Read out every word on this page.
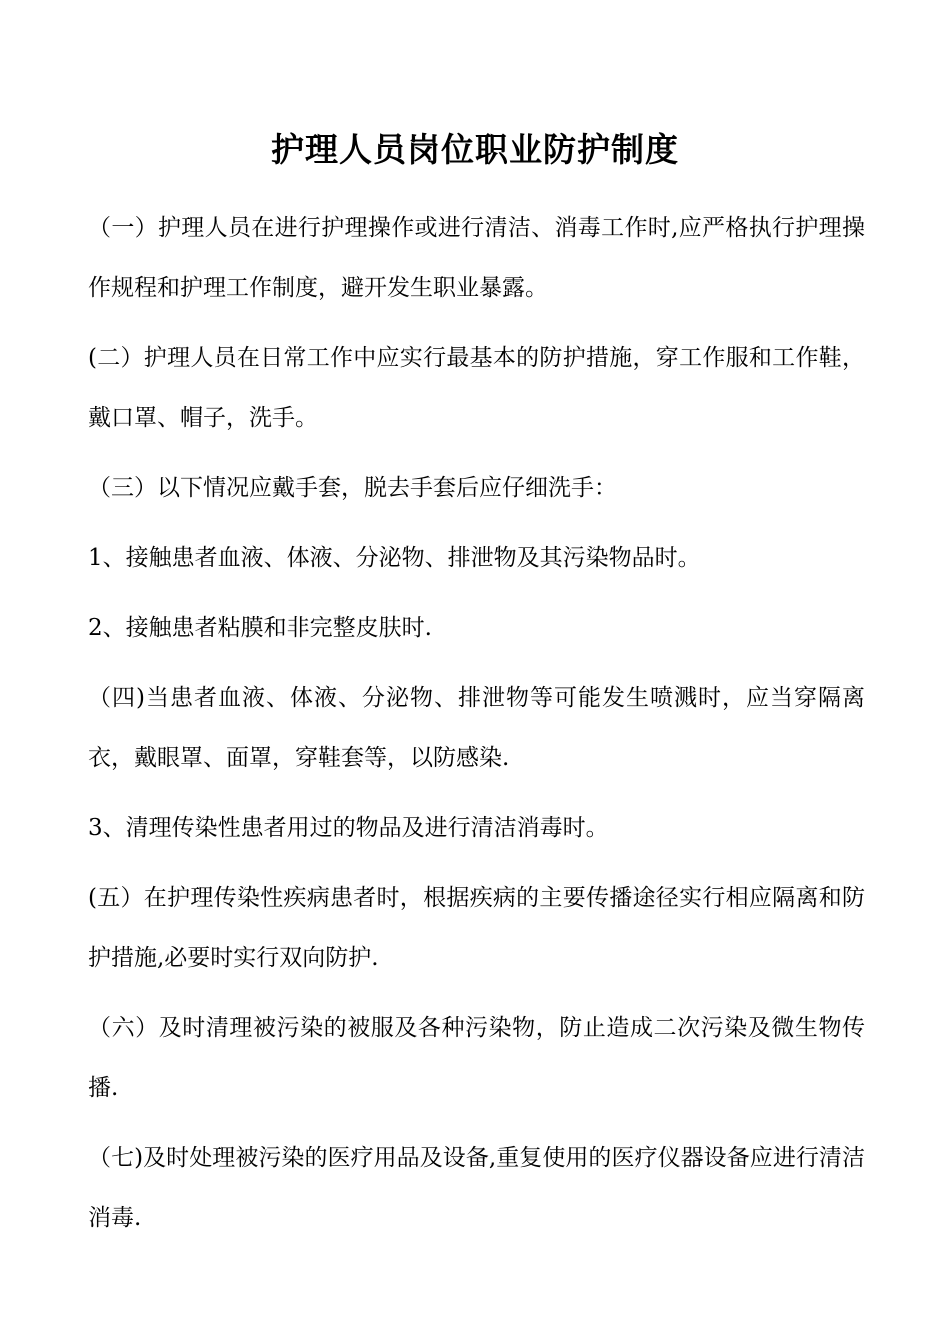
护理人员岗位职业防护制度

（一）护理人员在进行护理操作或进行清洁、消毒工作时,应严格执行护理操作规程和护理工作制度，避开发生职业暴露。

(二）护理人员在日常工作中应实行最基本的防护措施，穿工作服和工作鞋，戴口罩、帽子，洗手。

（三）以下情况应戴手套，脱去手套后应仔细洗手：

1、接触患者血液、体液、分泌物、排泄物及其污染物品时。

2、接触患者粘膜和非完整皮肤时.

（四)当患者血液、体液、分泌物、排泄物等可能发生喷溅时，应当穿隔离衣，戴眼罩、面罩，穿鞋套等，以防感染.

3、清理传染性患者用过的物品及进行清洁消毒时。

(五）在护理传染性疾病患者时，根据疾病的主要传播途径实行相应隔离和防护措施,必要时实行双向防护.

（六）及时清理被污染的被服及各种污染物，防止造成二次污染及微生物传播.

（七)及时处理被污染的医疗用品及设备,重复使用的医疗仪器设备应进行清洁消毒.
